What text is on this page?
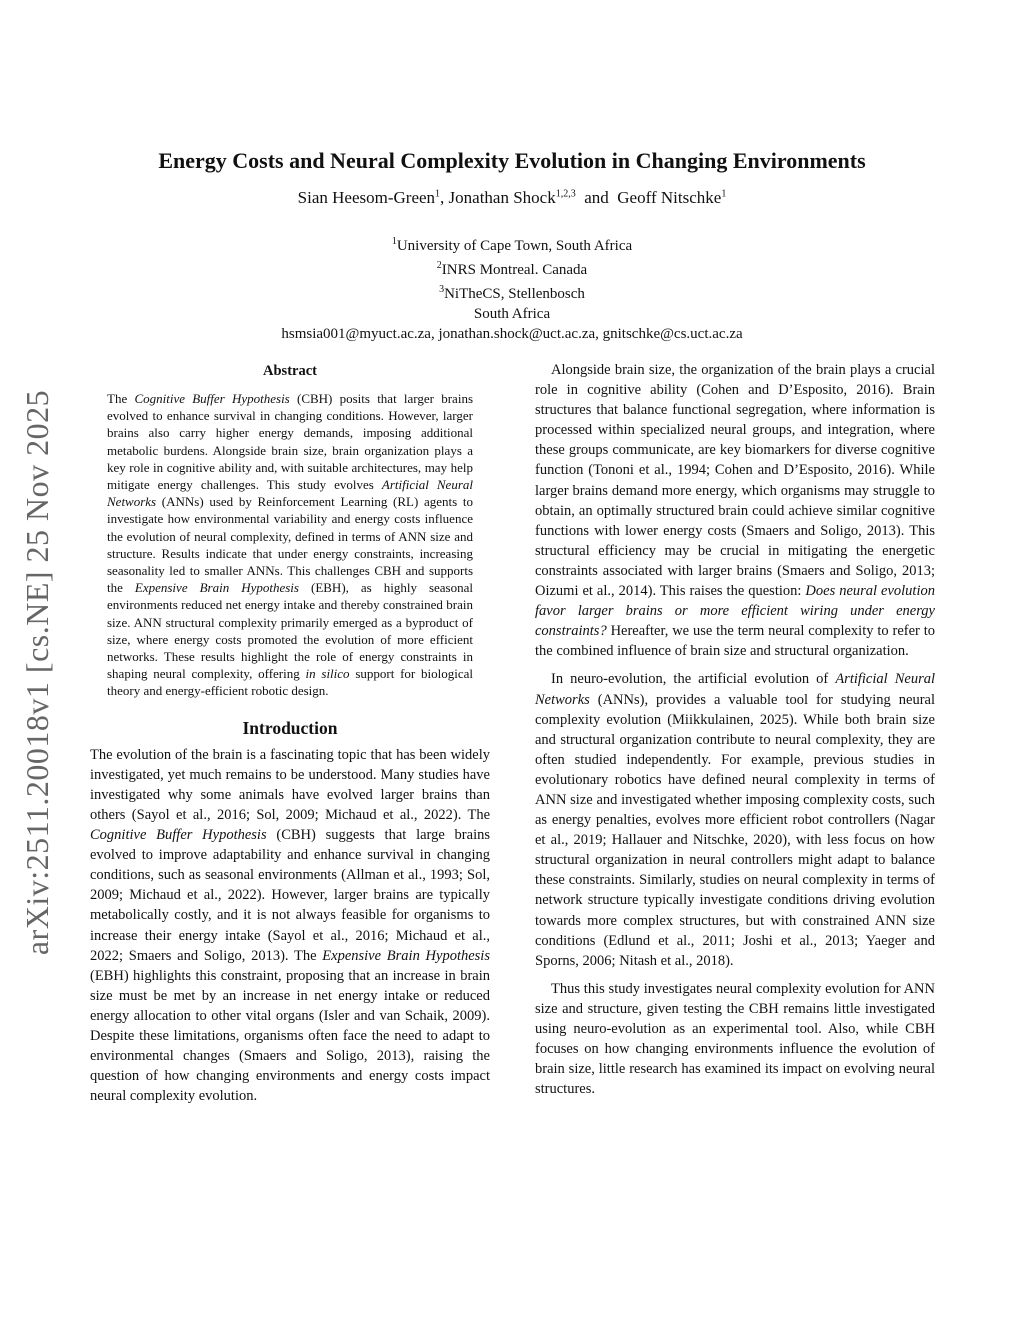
arXiv:2511.20018v1 [cs.NE] 25 Nov 2025
Energy Costs and Neural Complexity Evolution in Changing Environments
Sian Heesom-Green$^1$, Jonathan Shock$^{1,2,3}$ and Geoff Nitschke$^1$
$^1$University of Cape Town, South Africa
$^2$INRS Montreal. Canada
$^3$NiTheCS, Stellenbosch
South Africa
hsmsia001@myuct.ac.za, jonathan.shock@uct.ac.za, gnitschke@cs.uct.ac.za
Abstract

The Cognitive Buffer Hypothesis (CBH) posits that larger brains evolved to enhance survival in changing conditions. However, larger brains also carry higher energy demands, imposing additional metabolic burdens. Alongside brain size, brain organization plays a key role in cognitive ability and, with suitable architectures, may help mitigate energy challenges. This study evolves Artificial Neural Networks (ANNs) used by Reinforcement Learning (RL) agents to investigate how environmental variability and energy costs influence the evolution of neural complexity, defined in terms of ANN size and structure. Results indicate that under energy constraints, increasing seasonality led to smaller ANNs. This challenges CBH and supports the Expensive Brain Hypothesis (EBH), as highly seasonal environments reduced net energy intake and thereby constrained brain size. ANN structural complexity primarily emerged as a byproduct of size, where energy costs promoted the evolution of more efficient networks. These results highlight the role of energy constraints in shaping neural complexity, offering in silico support for biological theory and energy-efficient robotic design.

Introduction

The evolution of the brain is a fascinating topic that has been widely investigated, yet much remains to be understood. Many studies have investigated why some animals have evolved larger brains than others (Sayol et al., 2016; Sol, 2009; Michaud et al., 2022). The Cognitive Buffer Hypothesis (CBH) suggests that large brains evolved to improve adaptability and enhance survival in changing conditions, such as seasonal environments (Allman et al., 1993; Sol, 2009; Michaud et al., 2022). However, larger brains are typically metabolically costly, and it is not always feasible for organisms to increase their energy intake (Sayol et al., 2016; Michaud et al., 2022; Smaers and Soligo, 2013). The Expensive Brain Hypothesis (EBH) highlights this constraint, proposing that an increase in brain size must be met by an increase in net energy intake or reduced energy allocation to other vital organs (Isler and van Schaik, 2009). Despite these limitations, organisms often face the need to adapt to environmental changes (Smaers and Soligo, 2013), raising the question of how changing environments and energy costs impact neural complexity evolution.

Alongside brain size, the organization of the brain plays a crucial role in cognitive ability (Cohen and D’Esposito, 2016). Brain structures that balance functional segregation, where information is processed within specialized neural groups, and integration, where these groups communicate, are key biomarkers for diverse cognitive function (Tononi et al., 1994; Cohen and D’Esposito, 2016). While larger brains demand more energy, which organisms may struggle to obtain, an optimally structured brain could achieve similar cognitive functions with lower energy costs (Smaers and Soligo, 2013). This structural efficiency may be crucial in mitigating the energetic constraints associated with larger brains (Smaers and Soligo, 2013; Oizumi et al., 2014). This raises the question: Does neural evolution favor larger brains or more efficient wiring under energy constraints? Hereafter, we use the term neural complexity to refer to the combined influence of brain size and structural organization.

In neuro-evolution, the artificial evolution of Artificial Neural Networks (ANNs), provides a valuable tool for studying neural complexity evolution (Miikkulainen, 2025). While both brain size and structural organization contribute to neural complexity, they are often studied independently. For example, previous studies in evolutionary robotics have defined neural complexity in terms of ANN size and investigated whether imposing complexity costs, such as energy penalties, evolves more efficient robot controllers (Nagar et al., 2019; Hallauer and Nitschke, 2020), with less focus on how structural organization in neural controllers might adapt to balance these constraints. Similarly, studies on neural complexity in terms of network structure typically investigate conditions driving evolution towards more complex structures, but with constrained ANN size conditions (Edlund et al., 2011; Joshi et al., 2013; Yaeger and Sporns, 2006; Nitash et al., 2018).

Thus this study investigates neural complexity evolution for ANN size and structure, given testing the CBH remains little investigated using neuro-evolution as an experimental tool. Also, while CBH focuses on how changing environments influence the evolution of brain size, little research has examined its impact on evolving neural structures.
